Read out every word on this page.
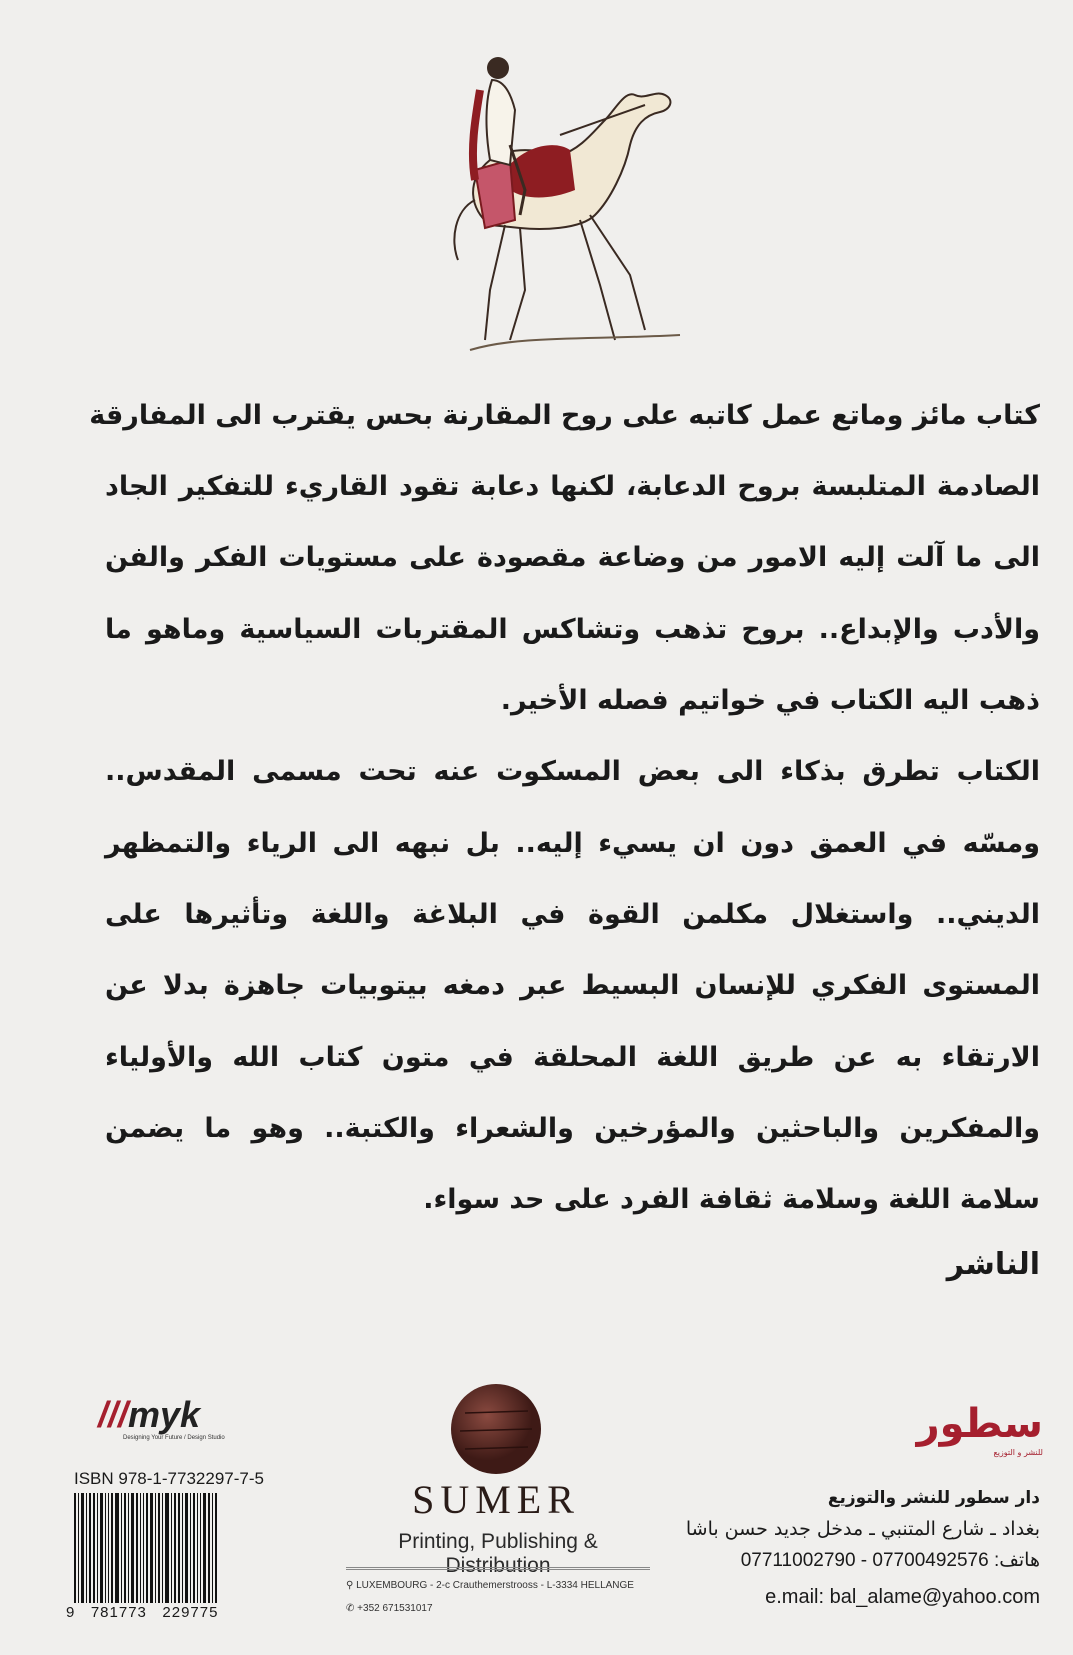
كتاب مائز وماتع عمل كاتبه على روح المقارنة بحس يقترب الى المفارقة
الصادمة المتلبسة بروح الدعابة، لكنها دعابة تقود القاريء للتفكير الجاد
الى ما آلت إليه الامور من وضاعة مقصودة على مستويات الفكر والفن
والأدب والإبداع.. بروح تذهب وتشاكس المقتربات السياسية وماهو ما
ذهب اليه الكتاب في خواتيم فصله الأخير.
الكتاب تطرق بذكاء الى بعض المسكوت عنه تحت مسمى المقدس..
ومسّه في العمق دون ان يسيء إليه.. بل نبهه الى الرياء والتمظهر
الديني.. واستغلال مكلمن القوة في البلاغة واللغة وتأثيرها على
المستوى الفكري للإنسان البسيط عبر دمغه بيتوبيات جاهزة بدلا عن
الارتقاء به عن طريق اللغة المحلقة في متون كتاب الله والأولياء
والمفكرين والباحثين والمؤرخين والشعراء والكتبة.. وهو ما يضمن
سلامة اللغة وسلامة ثقافة الفرد على حد سواء.
الناشر
///myk
Designing Your Future / Design Studio
ISBN 978-1-7732297-7-5
9   781773   229775
SUMER
Printing, Publishing & Distribution
⚲ LUXEMBOURG - 2-c Crauthemerstrooss - L-3334 HELLANGE
✆ +352 671531017
سطور
للنشر و التوزيع
دار سطور للنشر والتوزيع
بغداد ـ شارع المتنبي ـ مدخل جديد حسن باشا
هاتف: 07700492576 - 07711002790
e.mail: bal_alame@yahoo.com
